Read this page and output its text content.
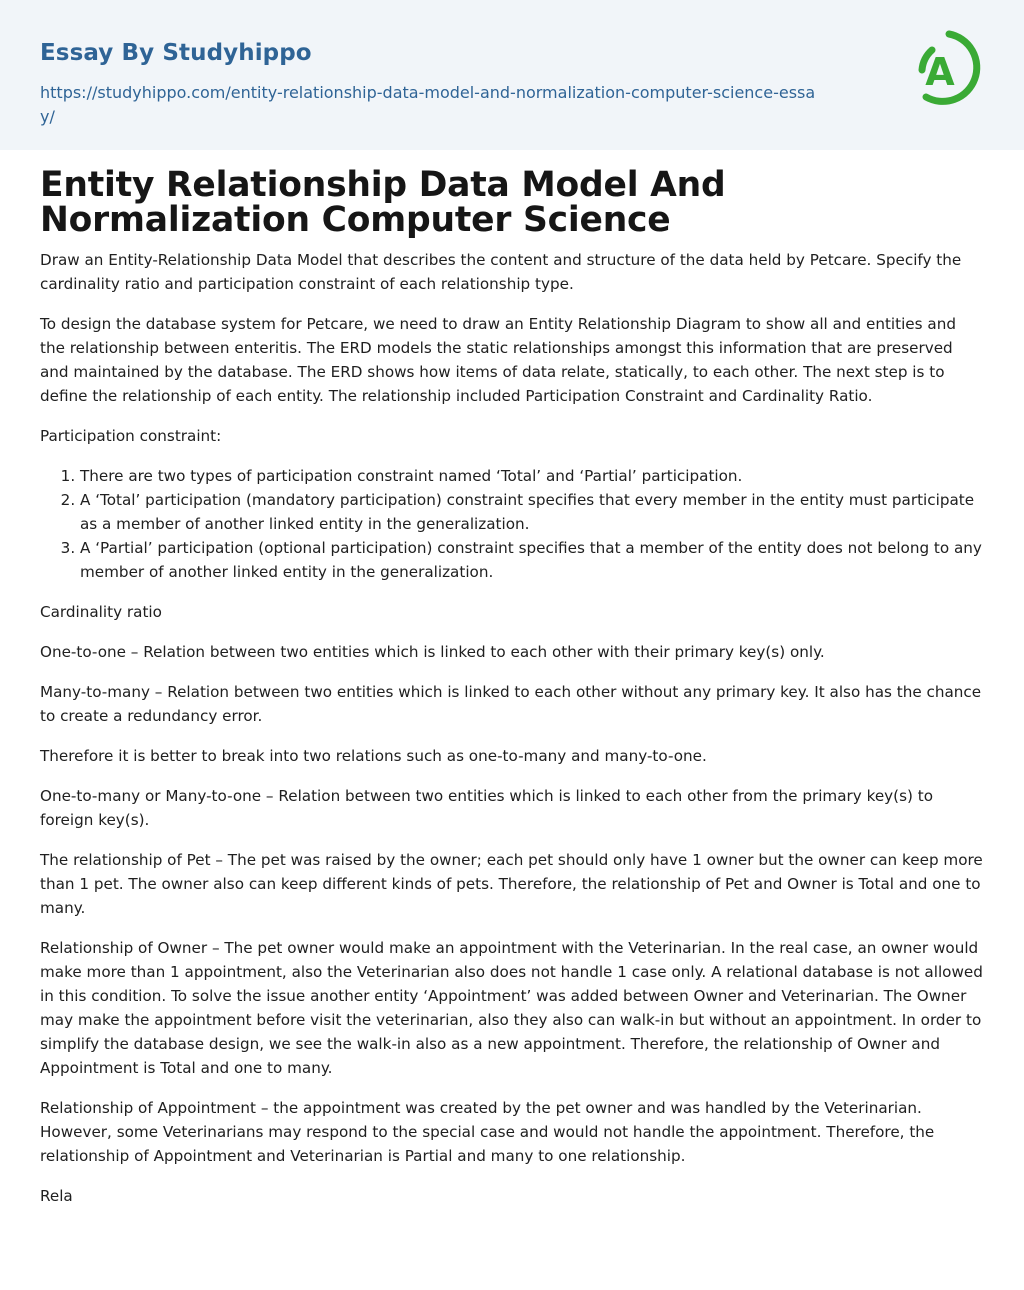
Essay By Studyhippo
https://studyhippo.com/entity-relationship-data-model-and-normalization-computer-science-essay/
A
Entity Relationship Data Model And Normalization Computer Science

Draw an Entity-Relationship Data Model that describes the content and structure of the data held by Petcare. Specify the cardinality ratio and participation constraint of each relationship type.

To design the database system for Petcare, we need to draw an Entity Relationship Diagram to show all and entities and the relationship between enteritis. The ERD models the static relationships amongst this information that are preserved and maintained by the database. The ERD shows how items of data relate, statically, to each other. The next step is to define the relationship of each entity. The relationship included Participation Constraint and Cardinality Ratio.

Participation constraint:

1. There are two types of participation constraint named ‘Total’ and ‘Partial’ participation.
2. A ‘Total’ participation (mandatory participation) constraint specifies that every member in the entity must participate as a member of another linked entity in the generalization.
3. A ‘Partial’ participation (optional participation) constraint specifies that a member of the entity does not belong to any member of another linked entity in the generalization.

Cardinality ratio

One-to-one – Relation between two entities which is linked to each other with their primary key(s) only.

Many-to-many – Relation between two entities which is linked to each other without any primary key. It also has the chance to create a redundancy error.

Therefore it is better to break into two relations such as one-to-many and many-to-one.

One-to-many or Many-to-one – Relation between two entities which is linked to each other from the primary key(s) to foreign key(s).

The relationship of Pet – The pet was raised by the owner; each pet should only have 1 owner but the owner can keep more than 1 pet. The owner also can keep different kinds of pets. Therefore, the relationship of Pet and Owner is Total and one to many.

Relationship of Owner – The pet owner would make an appointment with the Veterinarian. In the real case, an owner would make more than 1 appointment, also the Veterinarian also does not handle 1 case only. A relational database is not allowed in this condition. To solve the issue another entity ‘Appointment’ was added between Owner and Veterinarian. The Owner may make the appointment before visit the veterinarian, also they also can walk-in but without an appointment. In order to simplify the database design, we see the walk-in also as a new appointment. Therefore, the relationship of Owner and Appointment is Total and one to many.

Relationship of Appointment – the appointment was created by the pet owner and was handled by the Veterinarian. However, some Veterinarians may respond to the special case and would not handle the appointment. Therefore, the relationship of Appointment and Veterinarian is Partial and many to one relationship.

Rela
